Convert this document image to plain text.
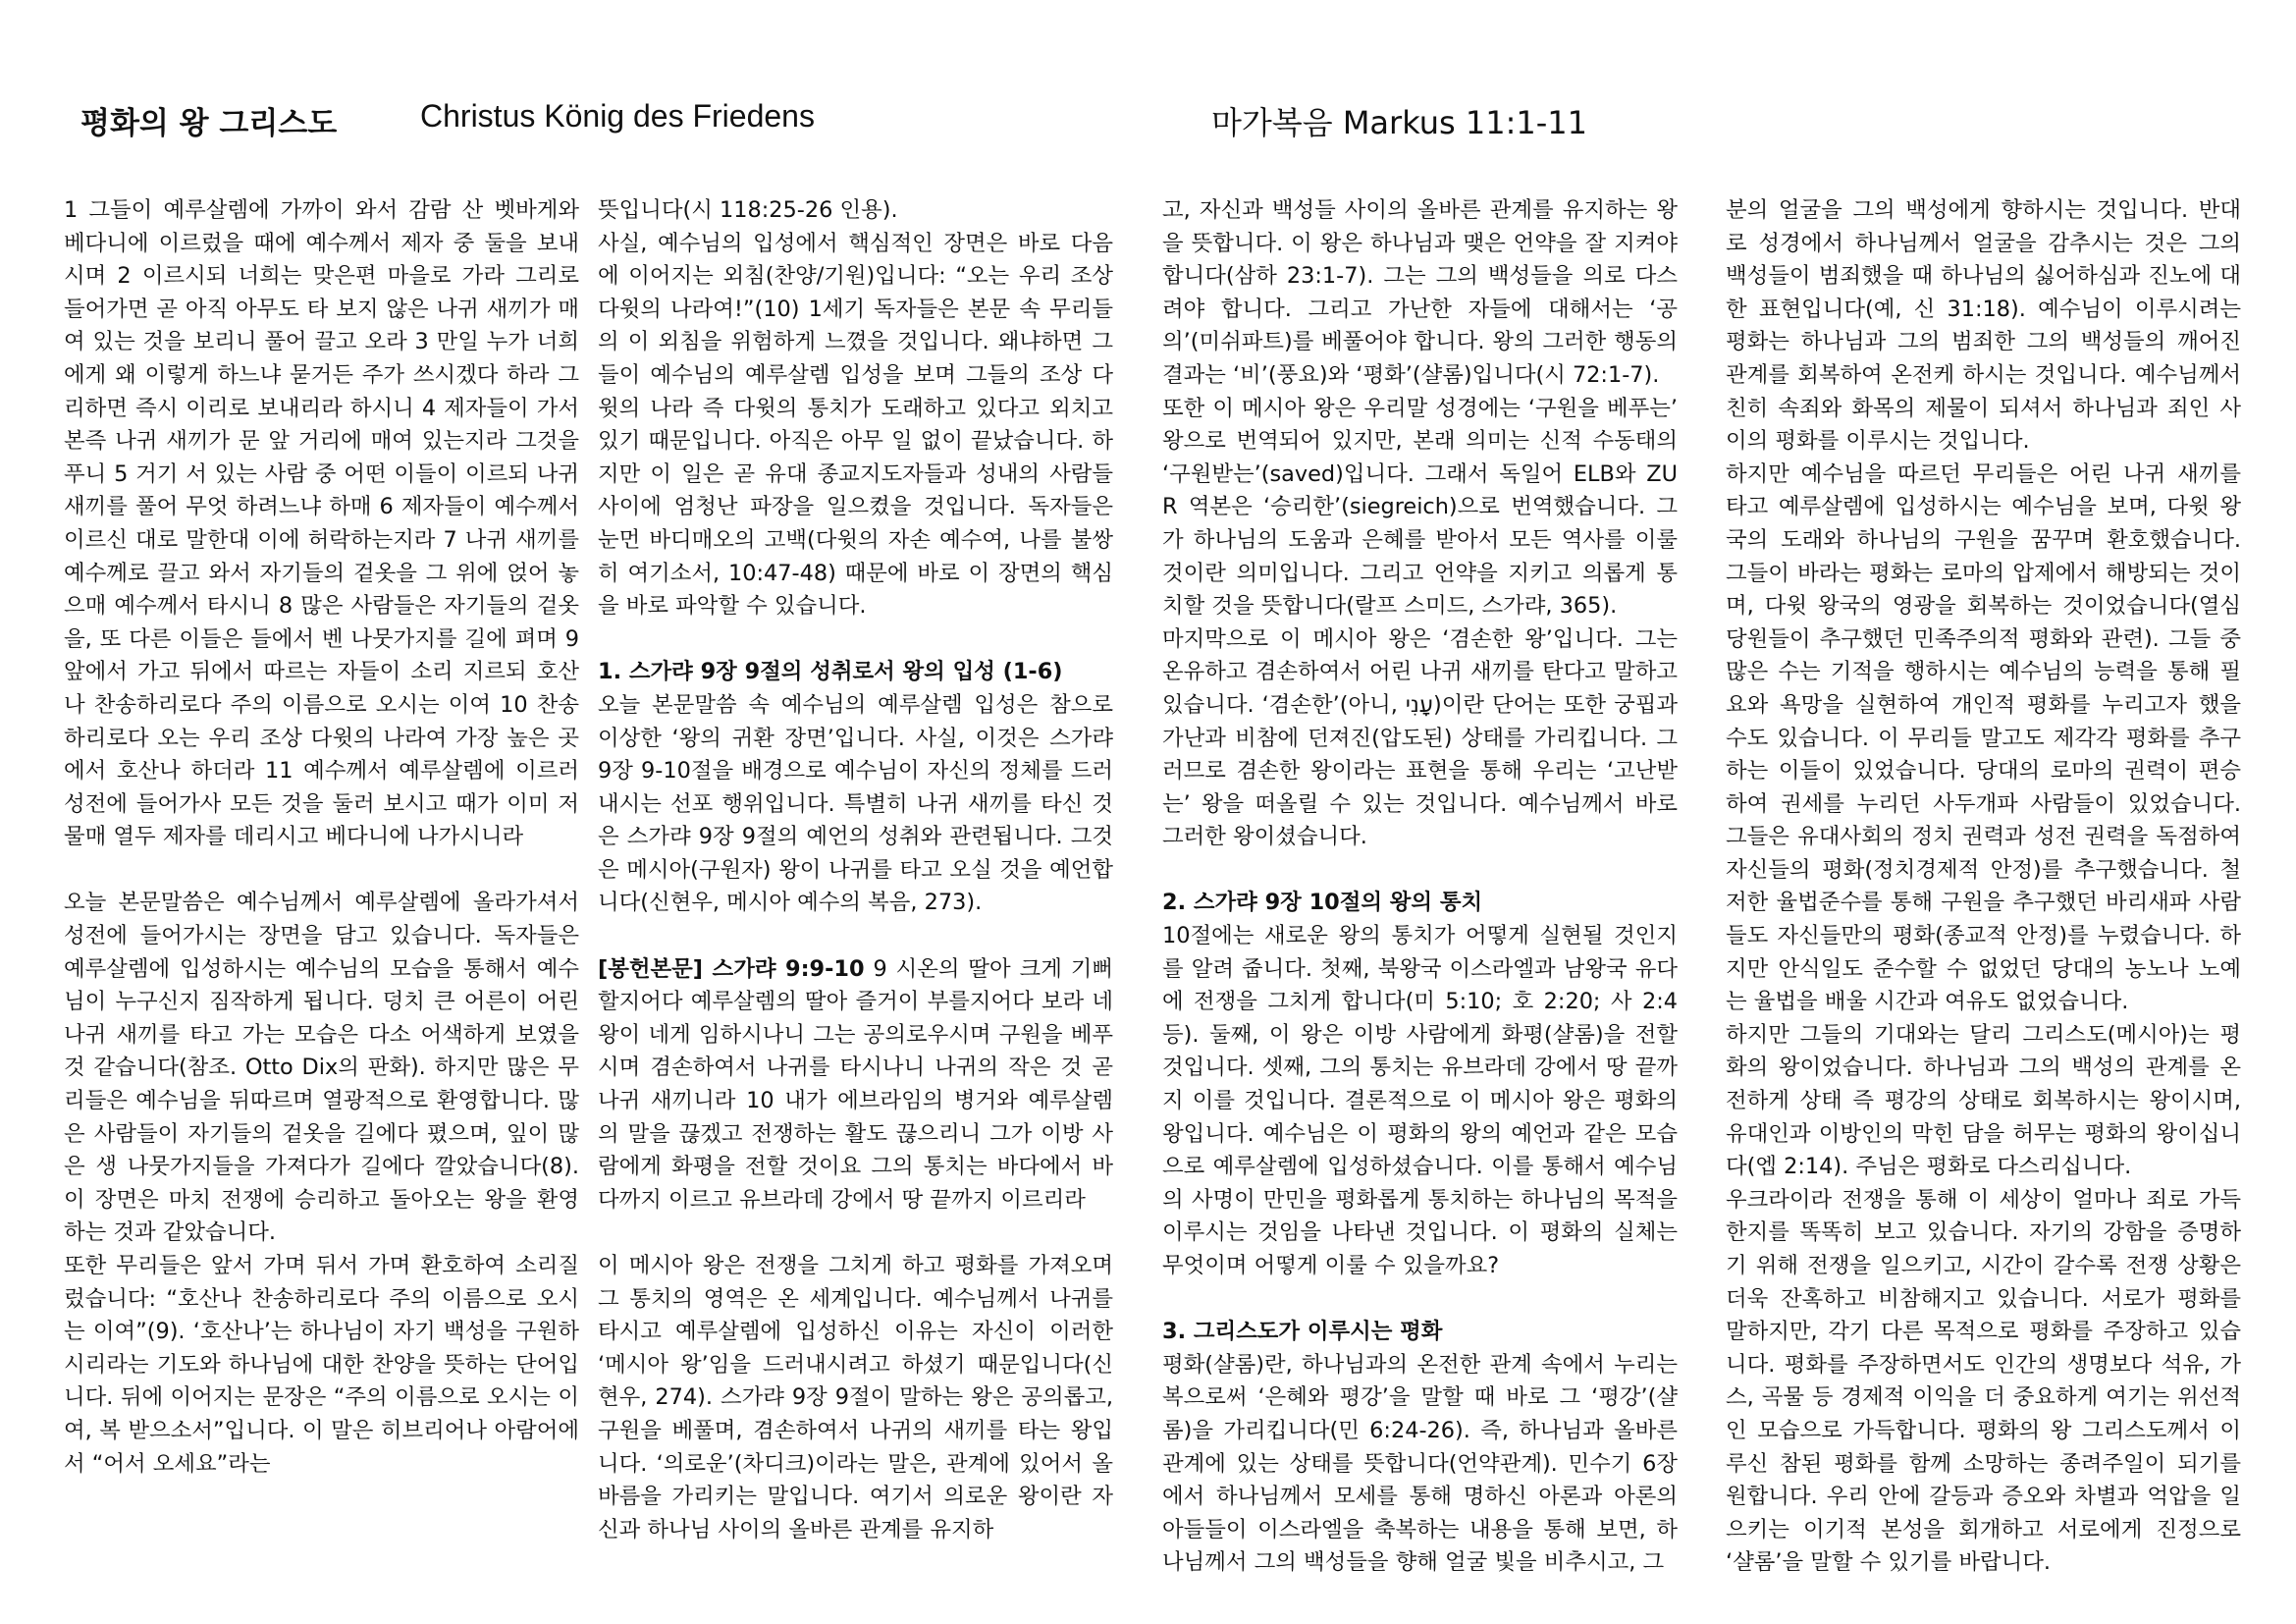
평화의 왕 그리스도	Christus König des Friedens	마가복음 Markus 11:1-11

1 그들이 예루살렘에 가까이 와서 감람 산 벳바게와 베다니에 이르렀을 때에 예수께서 제자 중 둘을 보내시며 2 이르시되 너희는 맞은편 마을로 가라 그리로 들어가면 곧 아직 아무도 타 보지 않은 나귀 새끼가 매여 있는 것을 보리니 풀어 끌고 오라 3 만일 누가 너희에게 왜 이렇게 하느냐 묻거든 주가 쓰시겠다 하라 그리하면 즉시 이리로 보내리라 하시니 4 제자들이 가서 본즉 나귀 새끼가 문 앞 거리에 매여 있는지라 그것을 푸니 5 거기 서 있는 사람 중 어떤 이들이 이르되 나귀 새끼를 풀어 무엇 하려느냐 하매 6 제자들이 예수께서 이르신 대로 말한대 이에 허락하는지라 7 나귀 새끼를 예수께로 끌고 와서 자기들의 겉옷을 그 위에 얹어 놓으매 예수께서 타시니 8 많은 사람들은 자기들의 겉옷을, 또 다른 이들은 들에서 벤 나뭇가지를 길에 펴며 9 앞에서 가고 뒤에서 따르는 자들이 소리 지르되 호산나 찬송하리로다 주의 이름으로 오시는 이여 10 찬송하리로다 오는 우리 조상 다윗의 나라여 가장 높은 곳에서 호산나 하더라 11 예수께서 예루살렘에 이르러 성전에 들어가사 모든 것을 둘러 보시고 때가 이미 저물매 열두 제자를 데리시고 베다니에 나가시니라

오늘 본문말씀은 예수님께서 예루살렘에 올라가셔서 성전에 들어가시는 장면을 담고 있습니다. 독자들은 예루살렘에 입성하시는 예수님의 모습을 통해서 예수님이 누구신지 짐작하게 됩니다. 덩치 큰 어른이 어린 나귀 새끼를 타고 가는 모습은 다소 어색하게 보였을 것 같습니다(참조. Otto Dix의 판화). 하지만 많은 무리들은 예수님을 뒤따르며 열광적으로 환영합니다. 많은 사람들이 자기들의 겉옷을 길에다 폈으며, 잎이 많은 생 나뭇가지들을 가져다가 길에다 깔았습니다(8). 이 장면은 마치 전쟁에 승리하고 돌아오는 왕을 환영 하는 것과 같았습니다.

또한 무리들은 앞서 가며 뒤서 가며 환호하여 소리질렀습니다: “호산나 찬송하리로다 주의 이름으로 오시는 이여”(9). ‘호산나’는 하나님이 자기 백성을 구원하시리라는 기도와 하나님에 대한 찬양을 뜻하는 단어입니다. 뒤에 이어지는 문장은 “주의 이름으로 오시는 이여, 복 받으소서”입니다. 이 말은 히브리어나 아람어에서 “어서 오세요”라는

뜻입니다(시 118:25-26 인용).

사실, 예수님의 입성에서 핵심적인 장면은 바로 다음에 이어지는 외침(찬양/기원)입니다: “오는 우리 조상 다윗의 나라여!”(10) 1세기 독자들은 본문 속 무리들의 이 외침을 위험하게 느꼈을 것입니다. 왜냐하면 그들이 예수님의 예루살렘 입성을 보며 그들의 조상 다윗의 나라 즉 다윗의 통치가 도래하고 있다고 외치고 있기 때문입니다. 아직은 아무 일 없이 끝났습니다. 하지만 이 일은 곧 유대 종교지도자들과 성내의 사람들 사이에 엄청난 파장을 일으켰을 것입니다. 독자들은 눈먼 바디매오의 고백(다윗의 자손 예수여, 나를 불쌍히 여기소서, 10:47-48) 때문에 바로 이 장면의 핵심을 바로 파악할 수 있습니다.

1. 스가랴 9장 9절의 성취로서 왕의 입성 (1-6)

오늘 본문말씀 속 예수님의 예루살렘 입성은 참으로 이상한 ‘왕의 귀환 장면’입니다. 사실, 이것은 스가랴 9장 9-10절을 배경으로 예수님이 자신의 정체를 드러내시는 선포 행위입니다. 특별히 나귀 새끼를 타신 것은 스가랴 9장 9절의 예언의 성취와 관련됩니다. 그것은 메시아(구원자) 왕이 나귀를 타고 오실 것을 예언합니다(신현우, 메시아 예수의 복음, 273).

[봉헌본문] 스가랴 9:9-10 9 시온의 딸아 크게 기뻐할지어다 예루살렘의 딸아 즐거이 부를지어다 보라 네 왕이 네게 임하시나니 그는 공의로우시며 구원을 베푸시며 겸손하여서 나귀를 타시나니 나귀의 작은 것 곧 나귀 새끼니라 10 내가 에브라임의 병거와 예루살렘의 말을 끊겠고 전쟁하는 활도 끊으리니 그가 이방 사람에게 화평을 전할 것이요 그의 통치는 바다에서 바다까지 이르고 유브라데 강에서 땅 끝까지 이르리라

이 메시아 왕은 전쟁을 그치게 하고 평화를 가져오며 그 통치의 영역은 온 세계입니다. 예수님께서 나귀를 타시고 예루살렘에 입성하신 이유는 자신이 이러한 ‘메시아 왕’임을 드러내시려고 하셨기 때문입니다(신현우, 274). 스가랴 9장 9절이 말하는 왕은 공의롭고, 구원을 베풀며, 겸손하여서 나귀의 새끼를 타는 왕입니다. ‘의로운’(차디크)이라는 말은, 관계에 있어서 올바름을 가리키는 말입니다. 여기서 의로운 왕이란 자신과 하나님 사이의 올바른 관계를 유지하

고, 자신과 백성들 사이의 올바른 관계를 유지하는 왕을 뜻합니다. 이 왕은 하나님과 맺은 언약을 잘 지켜야 합니다(삼하 23:1-7). 그는 그의 백성들을 의로 다스려야 합니다. 그리고 가난한 자들에 대해서는 ‘공의’(미쉬파트)를 베풀어야 합니다. 왕의 그러한 행동의 결과는 ‘비’(풍요)와 ‘평화’(샬롬)입니다(시 72:1-7).

또한 이 메시아 왕은 우리말 성경에는 ‘구원을 베푸는’ 왕으로 번역되어 있지만, 본래 의미는 신적 수동태의 ‘구원받는’(saved)입니다. 그래서 독일어 ELB와 ZUR 역본은 ‘승리한’(siegreich)으로 번역했습니다. 그가 하나님의 도움과 은혜를 받아서 모든 역사를 이룰 것이란 의미입니다. 그리고 언약을 지키고 의롭게 통치할 것을 뜻합니다(랄프 스미드, 스가랴, 365).

마지막으로 이 메시아 왕은 ‘겸손한 왕’입니다. 그는 온유하고 겸손하여서 어린 나귀 새끼를 탄다고 말하고 있습니다. ‘겸손한’(아니, עָנִי)이란 단어는 또한 궁핍과 가난과 비참에 던져진(압도된) 상태를 가리킵니다. 그러므로 겸손한 왕이라는 표현을 통해 우리는 ‘고난받는’ 왕을 떠올릴 수 있는 것입니다. 예수님께서 바로 그러한 왕이셨습니다.

2. 스가랴 9장 10절의 왕의 통치

10절에는 새로운 왕의 통치가 어떻게 실현될 것인지를 알려 줍니다. 첫째, 북왕국 이스라엘과 남왕국 유다에 전쟁을 그치게 합니다(미 5:10; 호 2:20; 사 2:4 등). 둘째, 이 왕은 이방 사람에게 화평(샬롬)을 전할 것입니다. 셋째, 그의 통치는 유브라데 강에서 땅 끝까지 이를 것입니다. 결론적으로 이 메시아 왕은 평화의 왕입니다. 예수님은 이 평화의 왕의 예언과 같은 모습으로 예루살렘에 입성하셨습니다. 이를 통해서 예수님의 사명이 만민을 평화롭게 통치하는 하나님의 목적을 이루시는 것임을 나타낸 것입니다. 이 평화의 실체는 무엇이며 어떻게 이룰 수 있을까요?

3. 그리스도가 이루시는 평화

평화(샬롬)란, 하나님과의 온전한 관계 속에서 누리는 복으로써 ‘은혜와 평강’을 말할 때 바로 그 ‘평강’(샬롬)을 가리킵니다(민 6:24-26). 즉, 하나님과 올바른 관계에 있는 상태를 뜻합니다(언약관계). 민수기 6장에서 하나님께서 모세를 통해 명하신 아론과 아론의 아들들이 이스라엘을 축복하는 내용을 통해 보면, 하나님께서 그의 백성들을 향해 얼굴 빛을 비추시고, 그

분의 얼굴을 그의 백성에게 향하시는 것입니다. 반대로 성경에서 하나님께서 얼굴을 감추시는 것은 그의 백성들이 범죄했을 때 하나님의 싫어하심과 진노에 대한 표현입니다(예, 신 31:18). 예수님이 이루시려는 평화는 하나님과 그의 범죄한 그의 백성들의 깨어진 관계를 회복하여 온전케 하시는 것입니다. 예수님께서 친히 속죄와 화목의 제물이 되셔서 하나님과 죄인 사이의 평화를 이루시는 것입니다.

하지만 예수님을 따르던 무리들은 어린 나귀 새끼를 타고 예루살렘에 입성하시는 예수님을 보며, 다윗 왕국의 도래와 하나님의 구원을 꿈꾸며 환호했습니다. 그들이 바라는 평화는 로마의 압제에서 해방되는 것이며, 다윗 왕국의 영광을 회복하는 것이었습니다(열심당원들이 추구했던 민족주의적 평화와 관련). 그들 중 많은 수는 기적을 행하시는 예수님의 능력을 통해 필요와 욕망을 실현하여 개인적 평화를 누리고자 했을 수도 있습니다. 이 무리들 말고도 제각각 평화를 추구하는 이들이 있었습니다. 당대의 로마의 권력이 편승하여 권세를 누리던 사두개파 사람들이 있었습니다. 그들은 유대사회의 정치 권력과 성전 권력을 독점하여 자신들의 평화(정치경제적 안정)를 추구했습니다. 철저한 율법준수를 통해 구원을 추구했던 바리새파 사람들도 자신들만의 평화(종교적 안정)를 누렸습니다. 하지만 안식일도 준수할 수 없었던 당대의 농노나 노예는 율법을 배울 시간과 여유도 없었습니다.

하지만 그들의 기대와는 달리 그리스도(메시아)는 평화의 왕이었습니다. 하나님과 그의 백성의 관계를 온전하게 상태 즉 평강의 상태로 회복하시는 왕이시며, 유대인과 이방인의 막힌 담을 허무는 평화의 왕이십니다(엡 2:14). 주님은 평화로 다스리십니다.

우크라이라 전쟁을 통해 이 세상이 얼마나 죄로 가득한지를 똑똑히 보고 있습니다. 자기의 강함을 증명하기 위해 전쟁을 일으키고, 시간이 갈수록 전쟁 상황은 더욱 잔혹하고 비참해지고 있습니다. 서로가 평화를 말하지만, 각기 다른 목적으로 평화를 주장하고 있습니다. 평화를 주장하면서도 인간의 생명보다 석유, 가스, 곡물 등 경제적 이익을 더 중요하게 여기는 위선적인 모습으로 가득합니다. 평화의 왕 그리스도께서 이루신 참된 평화를 함께 소망하는 종려주일이 되기를 원합니다. 우리 안에 갈등과 증오와 차별과 억압을 일으키는 이기적 본성을 회개하고 서로에게 진정으로 ‘샬롬’을 말할 수 있기를 바랍니다.
